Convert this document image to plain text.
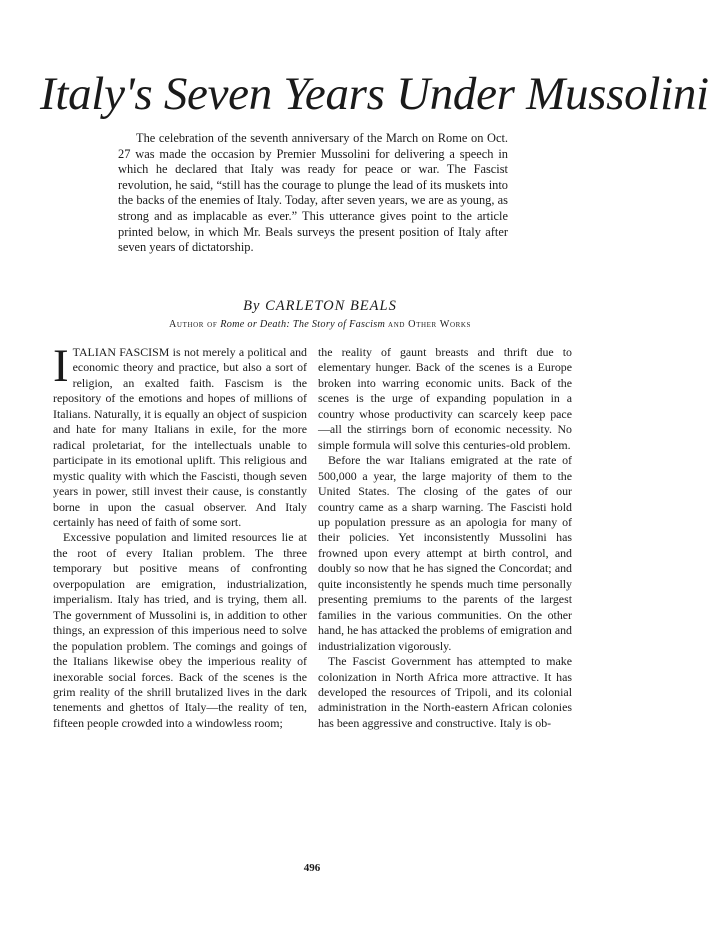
Italy's Seven Years Under Mussolini
The celebration of the seventh anniversary of the March on Rome on Oct. 27 was made the occasion by Premier Mussolini for delivering a speech in which he declared that Italy was ready for peace or war. The Fascist revolution, he said, “still has the courage to plunge the lead of its muskets into the backs of the enemies of Italy. Today, after seven years, we are as young, as strong and as implacable as ever.” This utterance gives point to the article printed below, in which Mr. Beals surveys the present position of Italy after seven years of dictatorship.
By CARLETON BEALS
Author of Rome or Death: The Story of Fascism and Other Works

ITALIAN FASCISM is not merely a political and economic theory and practice, but also a sort of religion, an exalted faith. Fascism is the repository of the emotions and hopes of millions of Italians. Naturally, it is equally an object of suspicion and hate for many Italians in exile, for the more radical proletariat, for the intellectuals unable to participate in its emotional uplift. This religious and mystic quality with which the Fascisti, though seven years in power, still invest their cause, is constantly borne in upon the casual observer. And Italy certainly has need of faith of some sort.

Excessive population and limited resources lie at the root of every Italian problem. The three temporary but positive means of confronting overpopulation are emigration, industrialization, imperialism. Italy has tried, and is trying, them all. The government of Mussolini is, in addition to other things, an expression of this imperious need to solve the population problem. The comings and goings of the Italians likewise obey the imperious reality of inexorable social forces. Back of the scenes is the grim reality of the shrill brutalized lives in the dark tenements and ghettos of Italy—the reality of ten, fifteen people crowded into a windowless room;

the reality of gaunt breasts and thrift due to elementary hunger. Back of the scenes is a Europe broken into warring economic units. Back of the scenes is the urge of expanding population in a country whose productivity can scarcely keep pace—all the stirrings born of economic necessity. No simple formula will solve this centuries-old problem.

Before the war Italians emigrated at the rate of 500,000 a year, the large majority of them to the United States. The closing of the gates of our country came as a sharp warning. The Fascisti hold up population pressure as an apologia for many of their policies. Yet inconsistently Mussolini has frowned upon every attempt at birth control, and doubly so now that he has signed the Concordat; and quite inconsistently he spends much time personally presenting premiums to the parents of the largest families in the various communities. On the other hand, he has attacked the problems of emigration and industrialization vigorously.

The Fascist Government has attempted to make colonization in North Africa more attractive. It has developed the resources of Tripoli, and its colonial administration in the North-eastern African colonies has been aggressive and constructive. Italy is ob-

496
